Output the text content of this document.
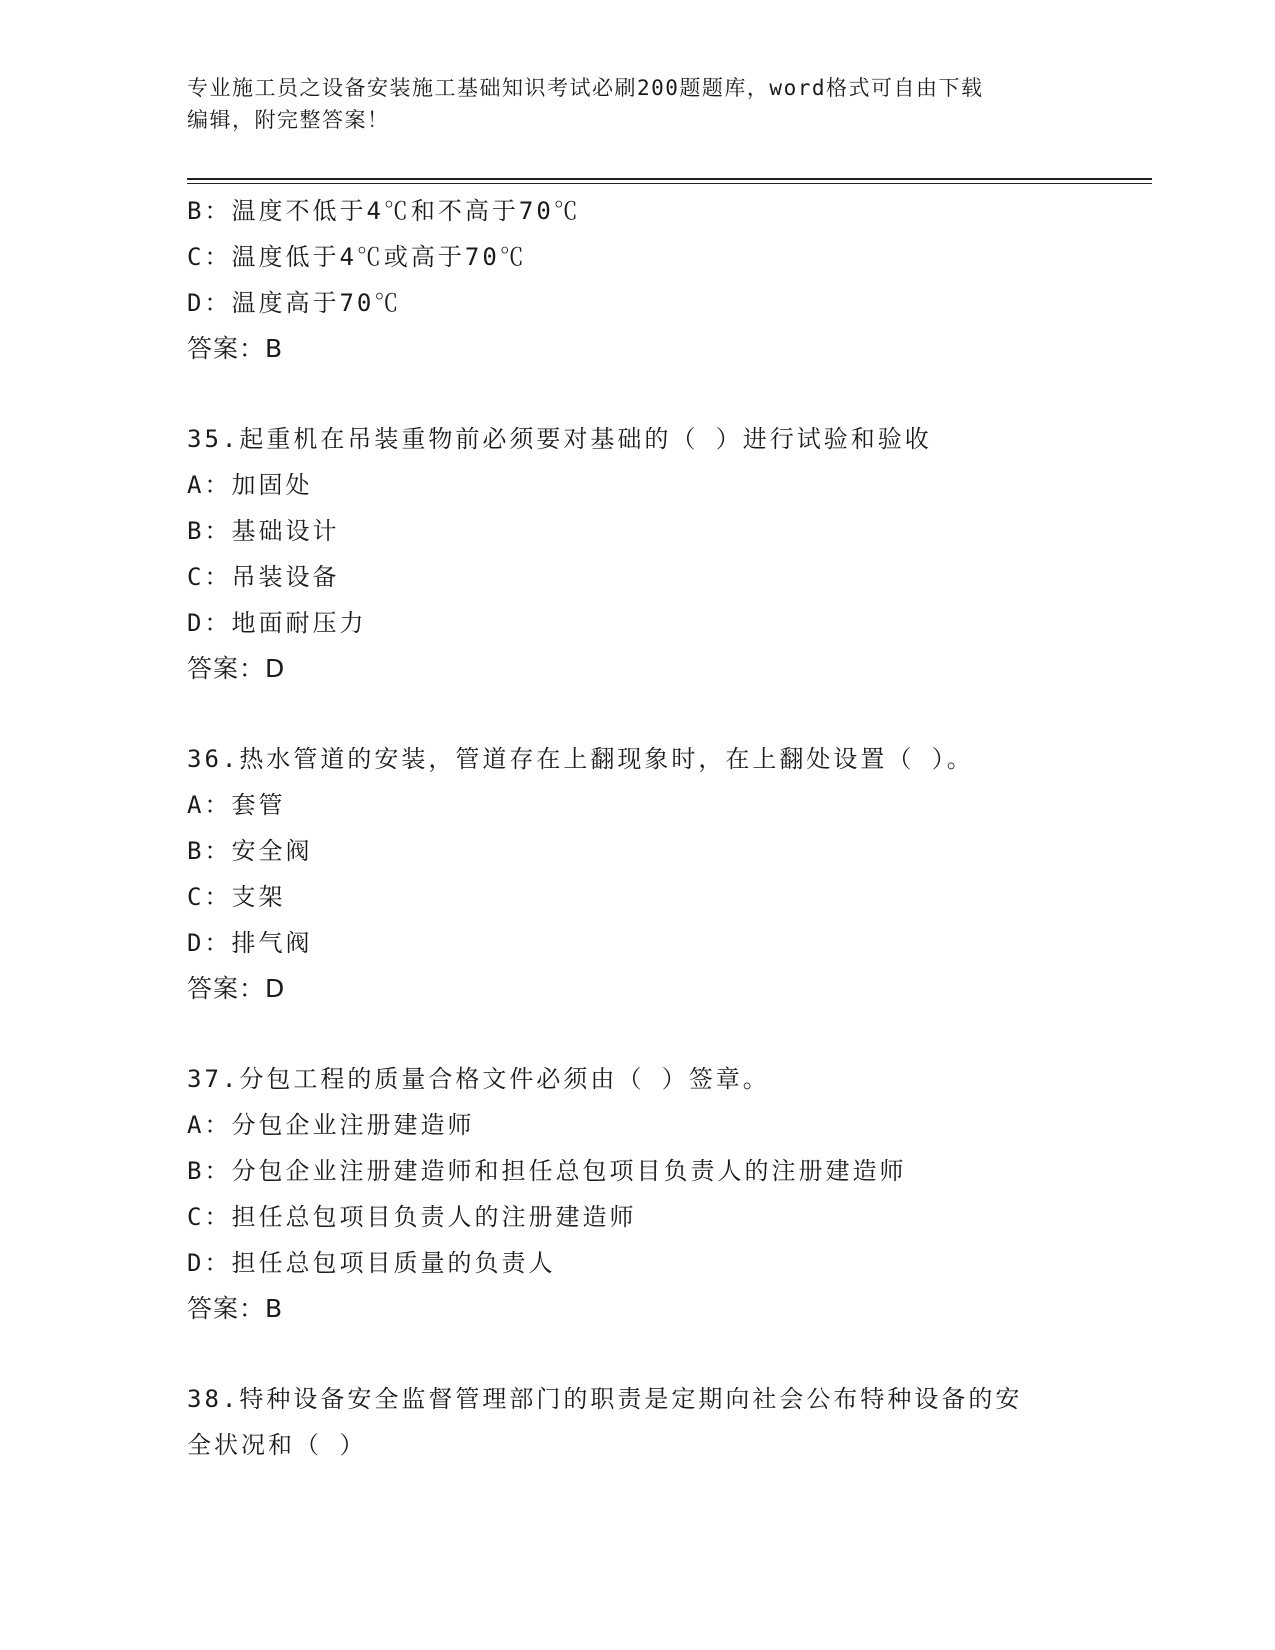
专业施工员之设备安装施工基础知识考试必刷200题题库，word格式可自由下载
编辑，附完整答案！
B：温度不低于4℃和不高于70℃
C：温度低于4℃或高于70℃
D：温度高于70℃
答案：B
35.起重机在吊装重物前必须要对基础的（ ）进行试验和验收
A：加固处
B：基础设计
C：吊装设备
D：地面耐压力
答案：D
36.热水管道的安装，管道存在上翻现象时，在上翻处设置（ ）。
A：套管
B：安全阀
C：支架
D：排气阀
答案：D
37.分包工程的质量合格文件必须由（ ）签章。
A：分包企业注册建造师
B：分包企业注册建造师和担任总包项目负责人的注册建造师
C：担任总包项目负责人的注册建造师
D：担任总包项目质量的负责人
答案：B
38.特种设备安全监督管理部门的职责是定期向社会公布特种设备的安
全状况和（ ）
